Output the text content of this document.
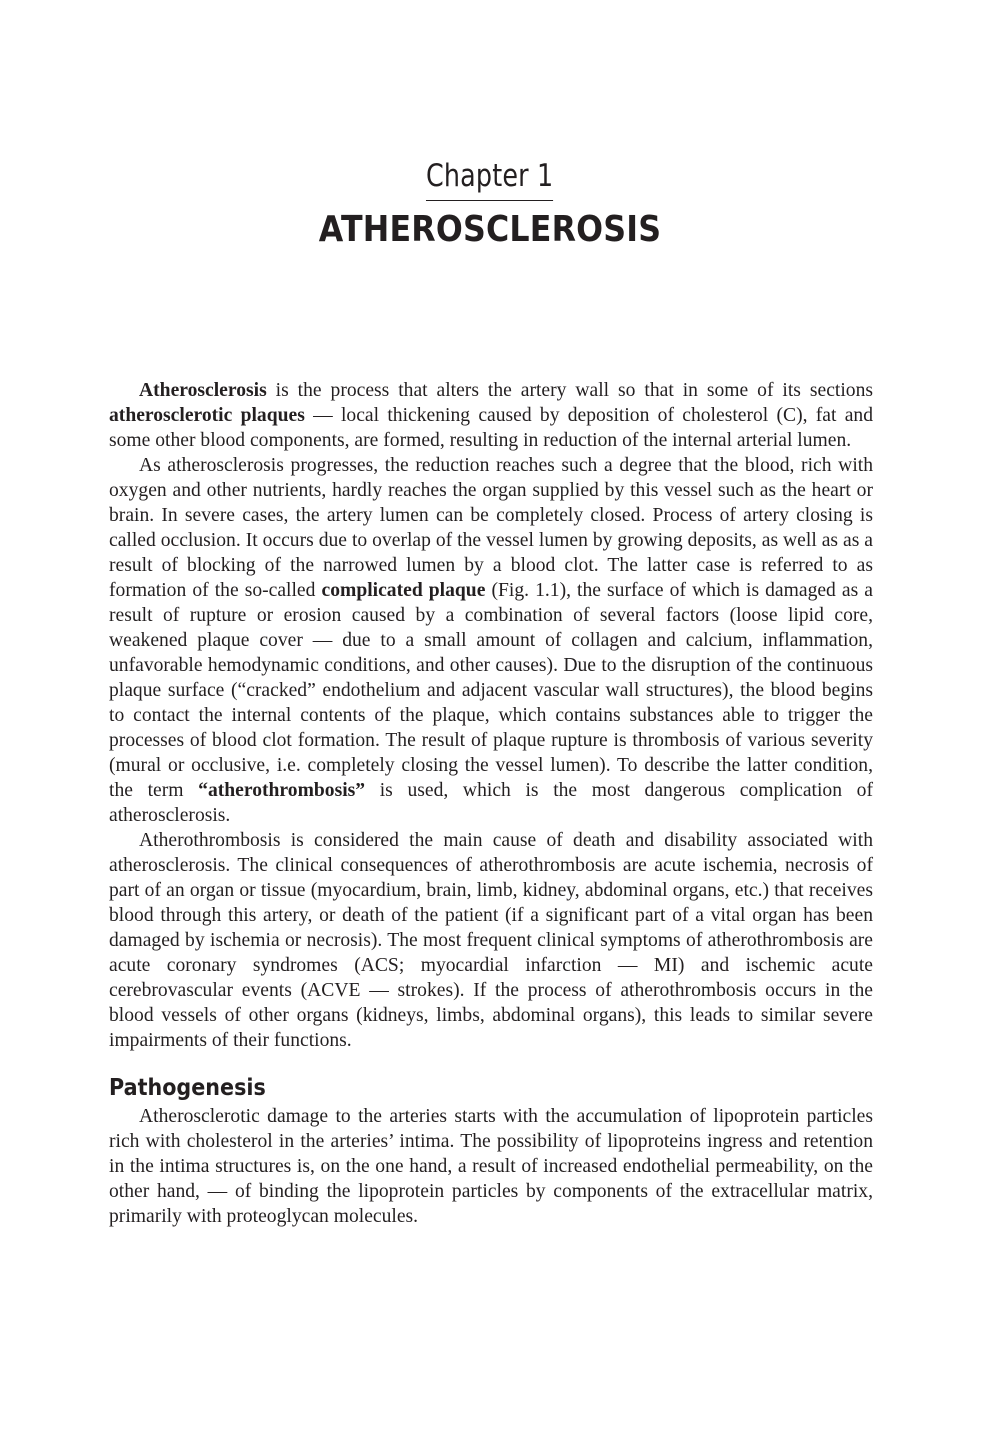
Chapter 1
ATHEROSCLEROSIS

Atherosclerosis is the process that alters the artery wall so that in some of its sections atherosclerotic plaques — local thickening caused by deposition of cholesterol (C), fat and some other blood components, are formed, resulting in reduction of the internal arterial lumen.

As atherosclerosis progresses, the reduction reaches such a degree that the blood, rich with oxygen and other nutrients, hardly reaches the organ supplied by this vessel such as the heart or brain. In severe cases, the artery lumen can be completely closed. Process of artery closing is called occlusion. It occurs due to overlap of the vessel lumen by growing deposits, as well as as a result of blocking of the narrowed lumen by a blood clot. The latter case is referred to as formation of the so-called complicated plaque (Fig. 1.1), the surface of which is damaged as a result of rupture or erosion caused by a combination of several factors (loose lipid core, weakened plaque cover — due to a small amount of collagen and calcium, inflammation, unfavorable hemodynamic conditions, and other causes). Due to the disruption of the continuous plaque surface (“cracked” endothelium and adjacent vascular wall structures), the blood begins to contact the internal contents of the plaque, which contains substances able to trigger the processes of blood clot formation. The result of plaque rupture is thrombosis of various severity (mural or occlusive, i.e. completely closing the vessel lumen). To describe the latter condition, the term “atherothrombosis” is used, which is the most dangerous complication of atherosclerosis.

Atherothrombosis is considered the main cause of death and disability associated with atherosclerosis. The clinical consequences of atherothrombosis are acute ischemia, necrosis of part of an organ or tissue (myocardium, brain, limb, kidney, abdominal organs, etc.) that receives blood through this artery, or death of the patient (if a significant part of a vital organ has been damaged by ischemia or necrosis). The most frequent clinical symptoms of atherothrombosis are acute coronary syndromes (ACS; myocardial infarction — MI) and ischemic acute cerebrovascular events (ACVE — strokes). If the process of atherothrombosis occurs in the blood vessels of other organs (kidneys, limbs, abdominal organs), this leads to similar severe impairments of their functions.

Pathogenesis

Atherosclerotic damage to the arteries starts with the accumulation of lipoprotein particles rich with cholesterol in the arteries’ intima. The possibility of lipoproteins ingress and retention in the intima structures is, on the one hand, a result of increased endothelial permeability, on the other hand, — of binding the lipoprotein particles by components of the extracellular matrix, primarily with proteoglycan molecules.
